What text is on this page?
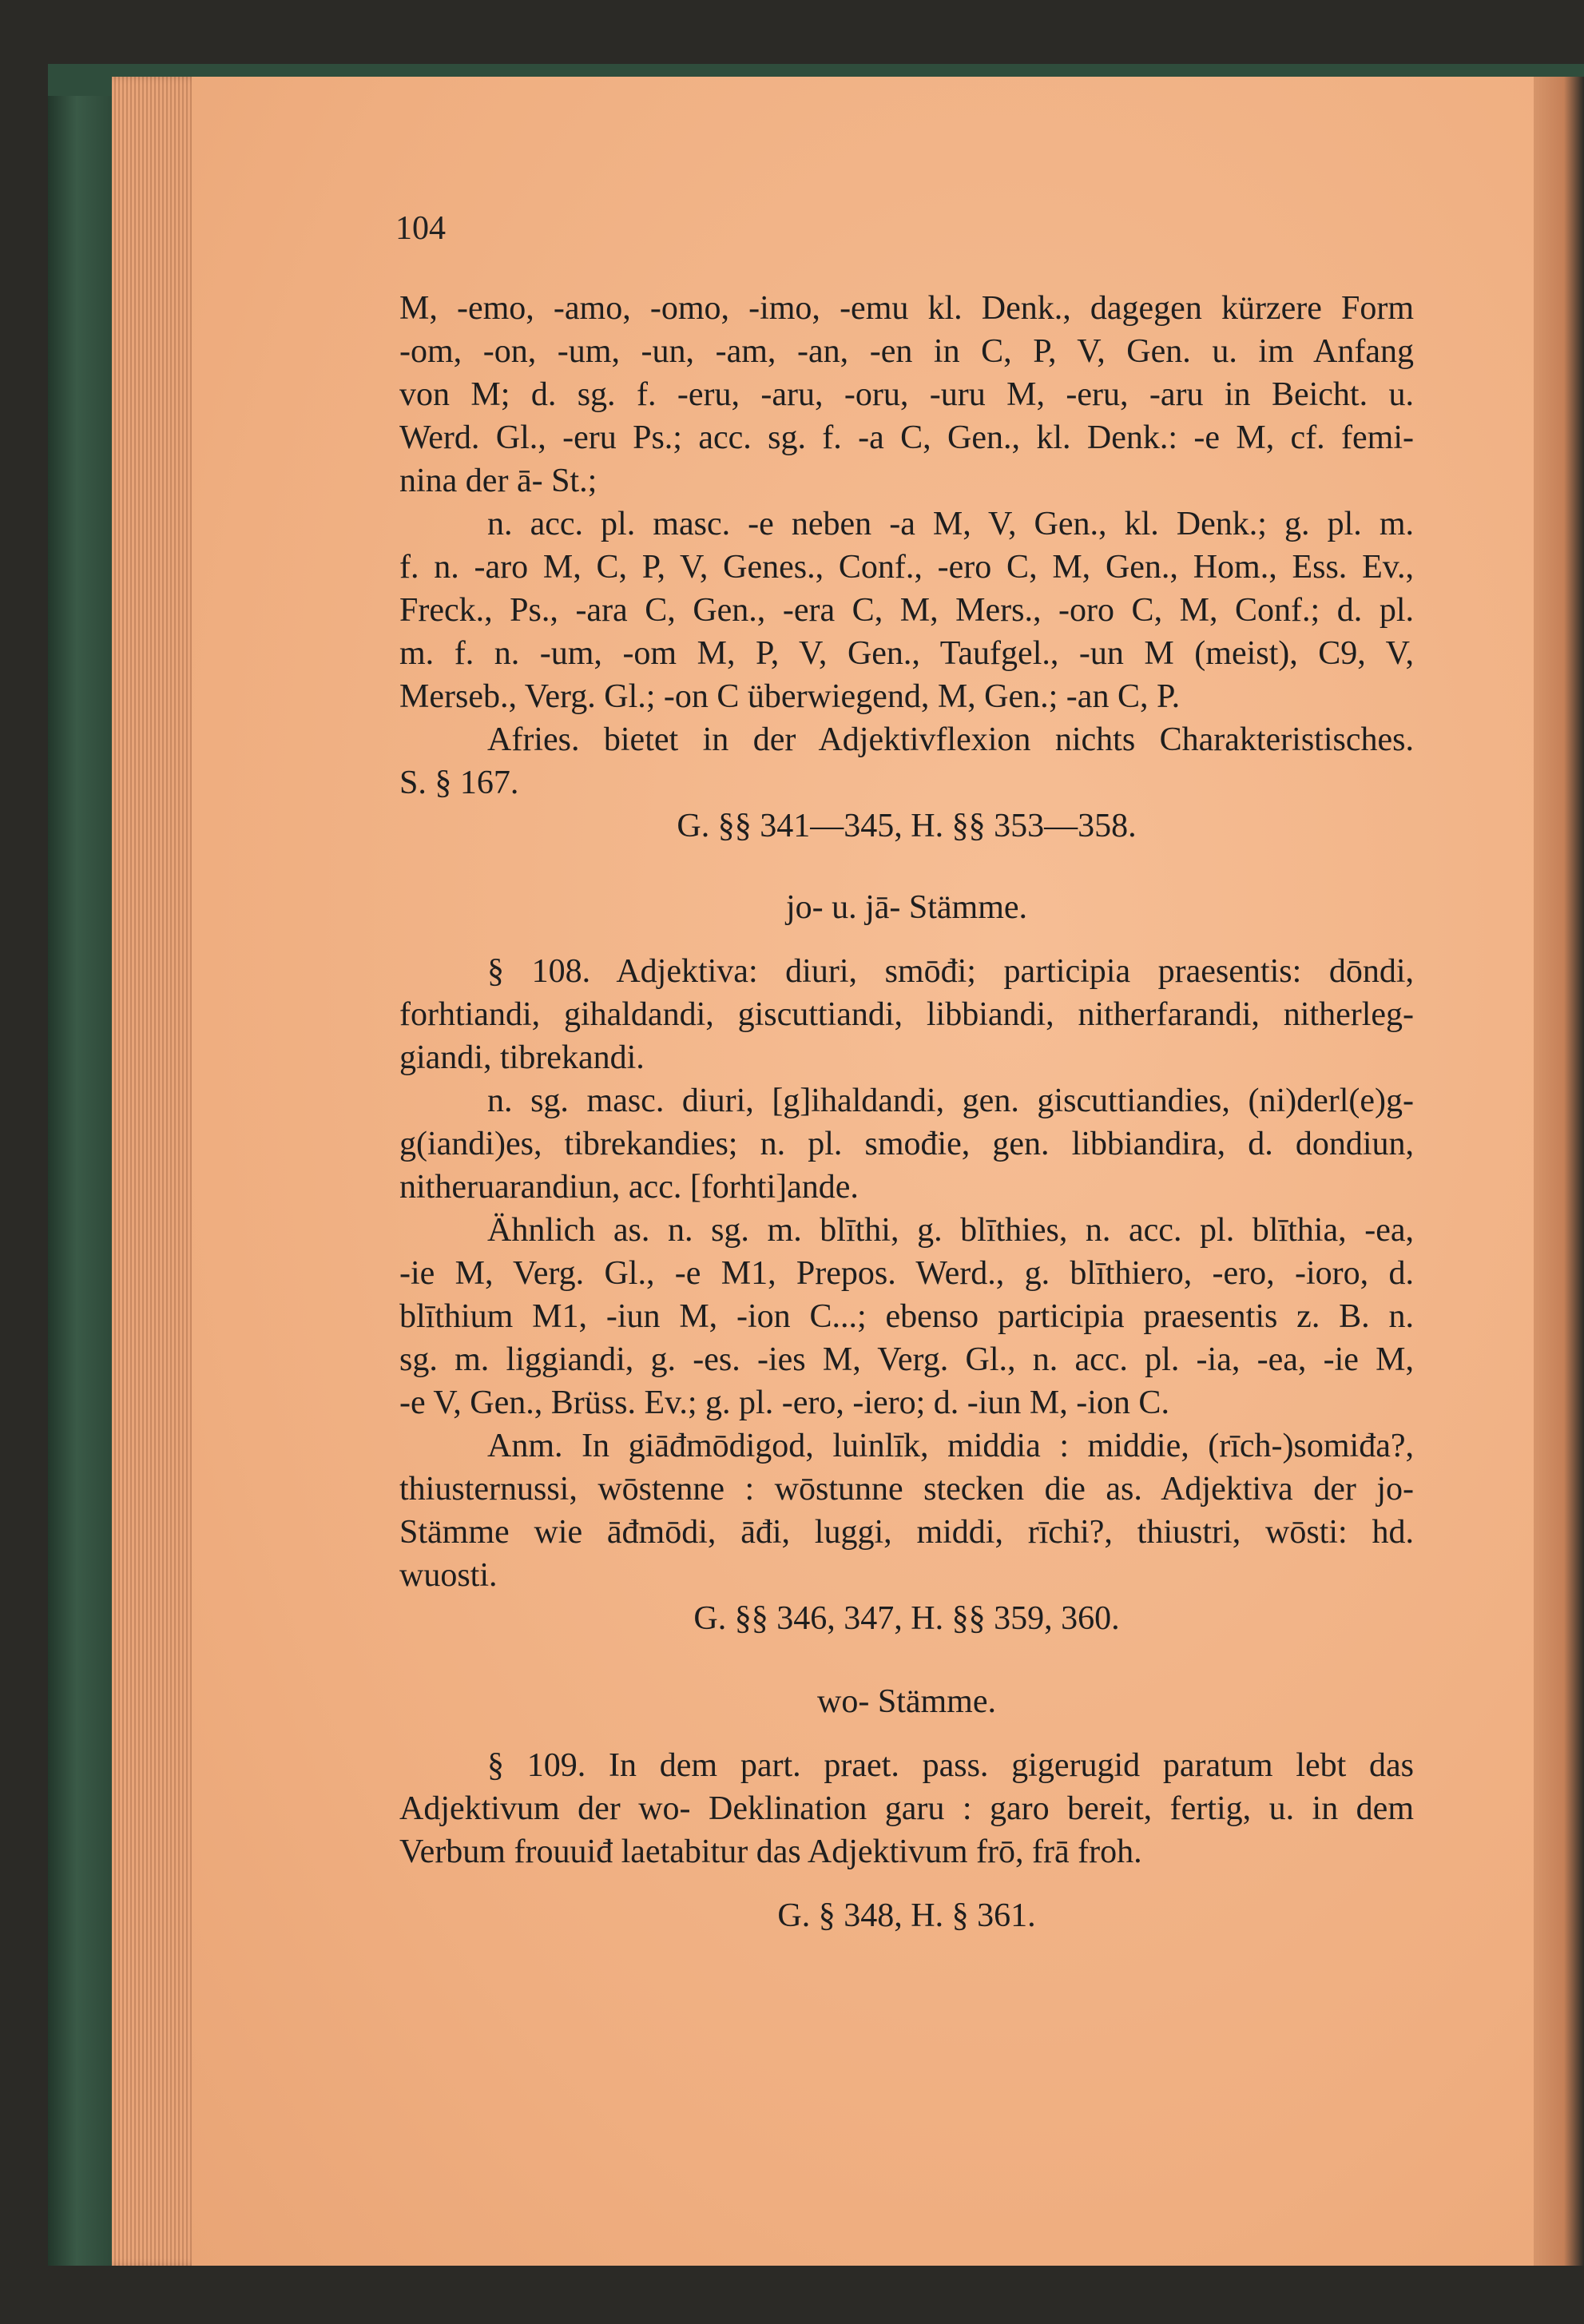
104
M, -emo, -amo, -omo, -imo, -emu kl. Denk., dagegen kürzere Form
-om, -on, -um, -un, -am, -an, -en in C, P, V, Gen. u. im Anfang
von M; d. sg. f. -eru, -aru, -oru, -uru M, -eru, -aru in Beicht. u.
Werd. Gl., -eru Ps.; acc. sg. f. -a C, Gen., kl. Denk.: -e M, cf. femi-
nina der ā- St.;
n. acc. pl. masc. -e neben -a M, V, Gen., kl. Denk.; g. pl. m.
f. n. -aro M, C, P, V, Genes., Conf., -ero C, M, Gen., Hom., Ess. Ev.,
Freck., Ps., -ara C, Gen., -era C, M, Mers., -oro C, M, Conf.; d. pl.
m. f. n. -um, -om M, P, V, Gen., Taufgel., -un M (meist), C9, V,
Merseb., Verg. Gl.; -on C überwiegend, M, Gen.; -an C, P.
Afries. bietet in der Adjektivflexion nichts Charakteristisches.
S. § 167.
G. §§ 341—345, H. §§ 353—358.
jo- u. jā- Stämme.
§ 108. Adjektiva: diuri, smōđi; participia praesentis: dōndi,
forhtiandi, gihaldandi, giscuttiandi, libbiandi, nitherfarandi, nitherleg-
giandi, tibrekandi.
n. sg. masc. diuri, [g]ihaldandi, gen. giscuttiandies, (ni)derl(e)g-
g(iandi)es, tibrekandies; n. pl. smođie, gen. libbiandira, d. dondiun,
nitheruarandiun, acc. [forhti]ande.
Ähnlich as. n. sg. m. blīthi, g. blīthies, n. acc. pl. blīthia, -ea,
-ie M, Verg. Gl., -e M1, Prepos. Werd., g. blīthiero, -ero, -ioro, d.
blīthium M1, -iun M, -ion C...; ebenso participia praesentis z. B. n.
sg. m. liggiandi, g. -es. -ies M, Verg. Gl., n. acc. pl. -ia, -ea, -ie M,
-e V, Gen., Brüss. Ev.; g. pl. -ero, -iero; d. -iun M, -ion C.
Anm. In giāđmōdigod, luinlīk, middia : middie, (rīch-)somiđa?,
thiusternussi, wōstenne : wōstunne stecken die as. Adjektiva der jo-
Stämme wie āđmōdi, āđi, luggi, middi, rīchi?, thiustri, wōsti: hd.
wuosti.
G. §§ 346, 347, H. §§ 359, 360.
wo- Stämme.
§ 109. In dem part. praet. pass. gigerugid paratum lebt das
Adjektivum der wo- Deklination garu : garo bereit, fertig, u. in dem
Verbum frouuiđ laetabitur das Adjektivum frō, frā froh.
G. § 348, H. § 361.
